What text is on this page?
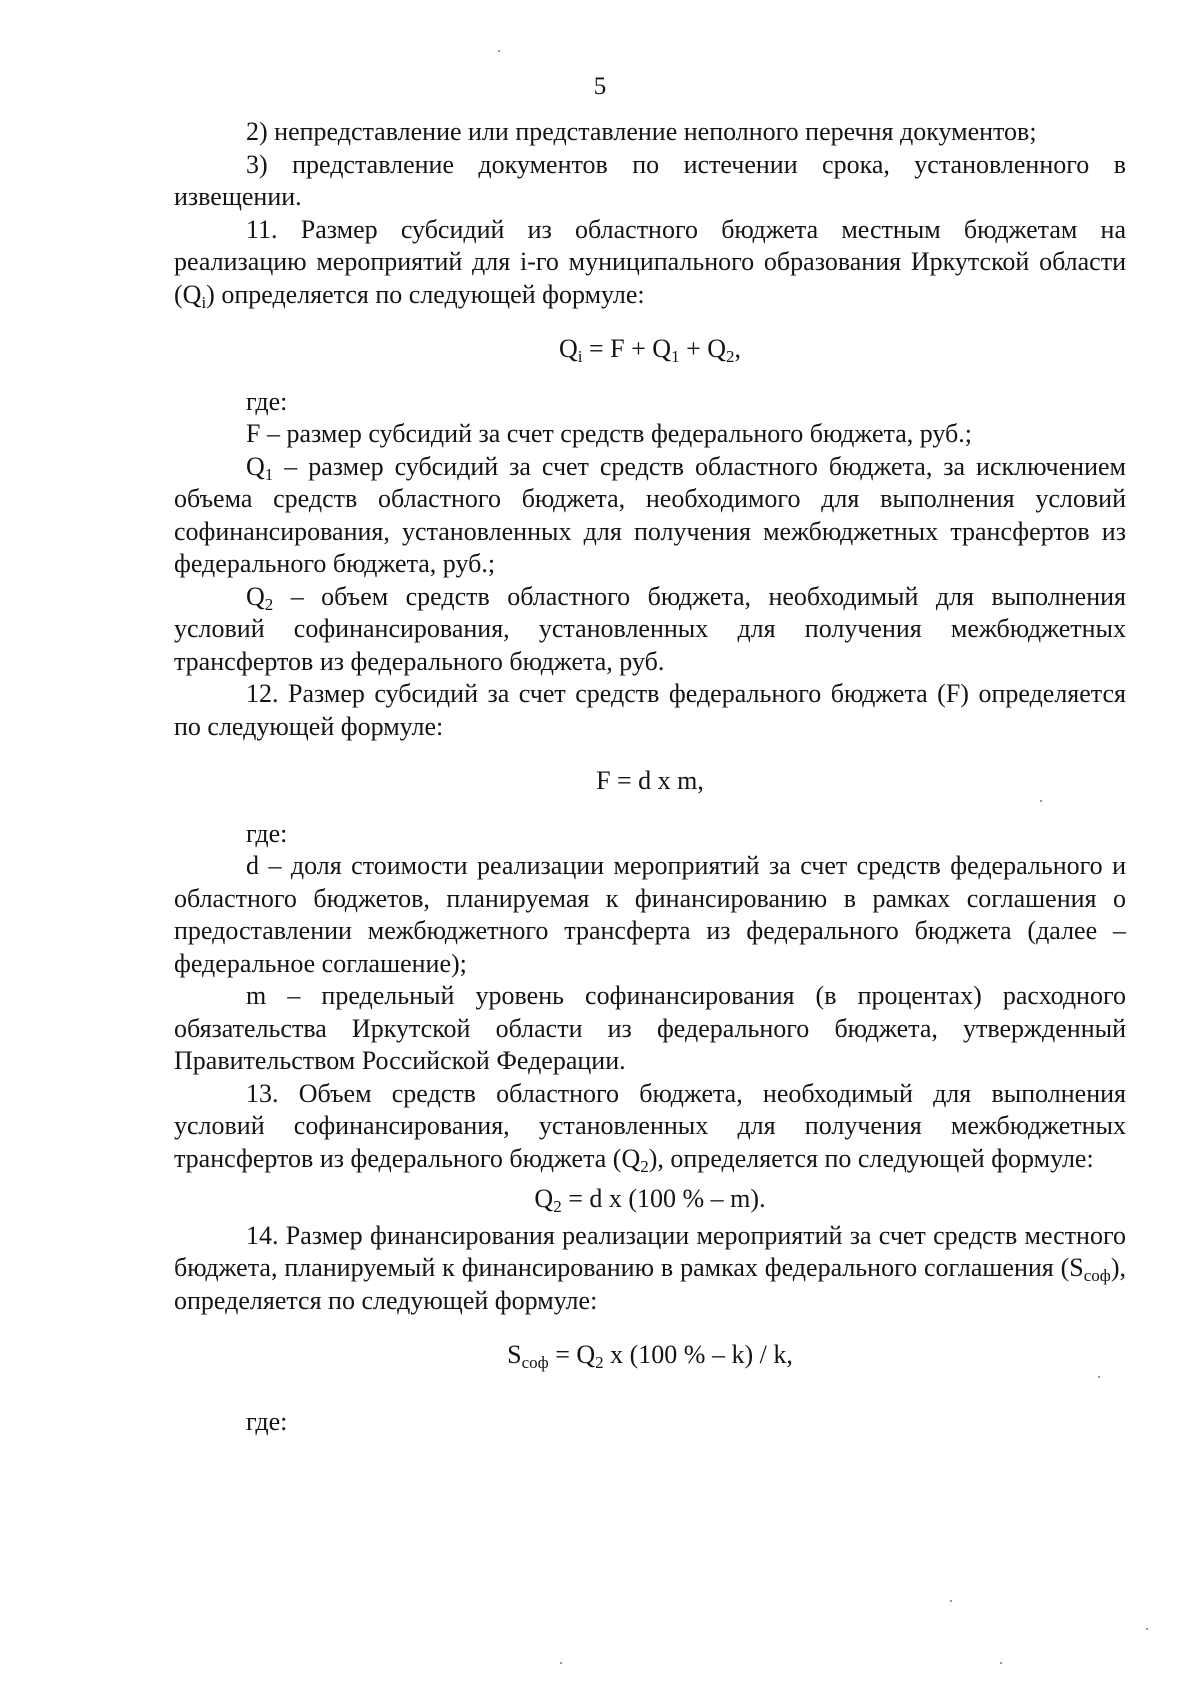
5

2) непредставление или представление неполного перечня документов;

3) представление документов по истечении срока, установленного в извещении.

11. Размер субсидий из областного бюджета местным бюджетам на реализацию мероприятий для i-го муниципального образования Иркутской области $(Q_i)$ определяется по следующей формуле:

$Q_i = F + Q_1 + Q_2$,

где:

F – размер субсидий за счет средств федерального бюджета, руб.;

$Q_1$ – размер субсидий за счет средств областного бюджета, за исключением объема средств областного бюджета, необходимого для выполнения условий софинансирования, установленных для получения межбюджетных трансфертов из федерального бюджета, руб.;

$Q_2$ – объем средств областного бюджета, необходимый для выполнения условий софинансирования, установленных для получения межбюджетных трансфертов из федерального бюджета, руб.

12. Размер субсидий за счет средств федерального бюджета (F) определяется по следующей формуле:

F = d x m,

где:

d – доля стоимости реализации мероприятий за счет средств федерального и областного бюджетов, планируемая к финансированию в рамках соглашения о предоставлении межбюджетного трансферта из федерального бюджета (далее – федеральное соглашение);

m – предельный уровень софинансирования (в процентах) расходного обязательства Иркутской области из федерального бюджета, утвержденный Правительством Российской Федерации.

13. Объем средств областного бюджета, необходимый для выполнения условий софинансирования, установленных для получения межбюджетных трансфертов из федерального бюджета $(Q_2)$, определяется по следующей формуле:

$Q_2 = d$ x (100 % – m).

14. Размер финансирования реализации мероприятий за счет средств местного бюджета, планируемый к финансированию в рамках федерального соглашения $(S_{соф})$, определяется по следующей формуле:

$S_{соф} = Q_2$ x (100 % – k) / k,

где:
